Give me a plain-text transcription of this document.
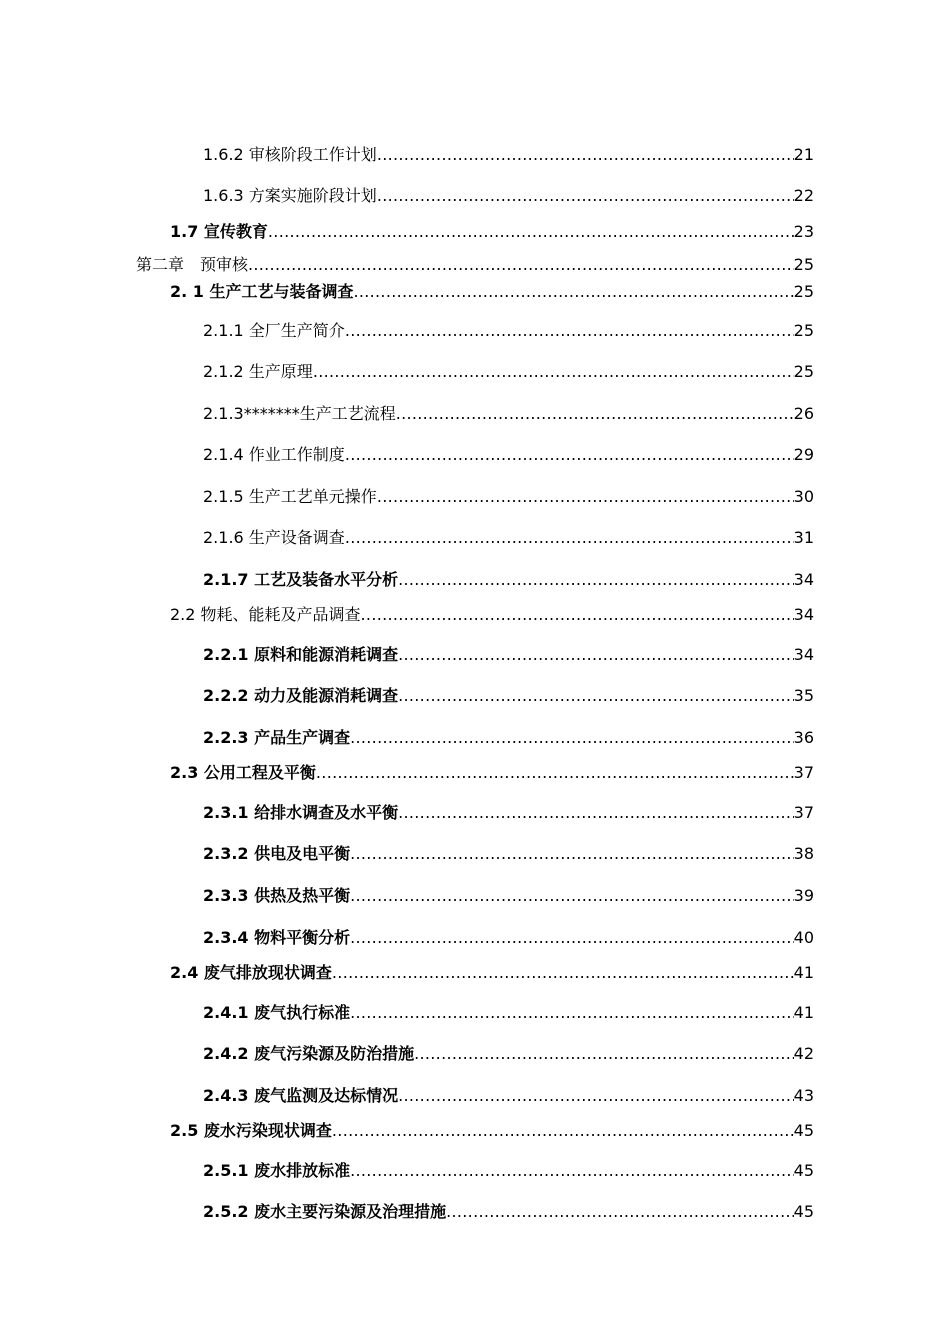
1.6.2 审核阶段工作计划 .....	21
1.6.3 方案实施阶段计划 .....	22
1.7 宣传教育 .....	23
第二章　预审核 .....	25
2. 1 生产工艺与装备调查 .....	25
2.1.1 全厂生产简介 .....	25
2.1.2 生产原理 .....	25
2.1.3*******生产工艺流程 .....	26
2.1.4 作业工作制度 .....	29
2.1.5 生产工艺单元操作 .....	30
2.1.6 生产设备调查 .....	31
2.1.7 工艺及装备水平分析 .....	34
2.2 物耗、能耗及产品调查 .....	34
2.2.1 原料和能源消耗调查 .....	34
2.2.2 动力及能源消耗调查 .....	35
2.2.3 产品生产调查 .....	36
2.3 公用工程及平衡 .....	37
2.3.1 给排水调查及水平衡 .....	37
2.3.2 供电及电平衡 .....	38
2.3.3 供热及热平衡 .....	39
2.3.4 物料平衡分析 .....	40
2.4 废气排放现状调查 .....	41
2.4.1 废气执行标准 .....	41
2.4.2 废气污染源及防治措施 .....	42
2.4.3 废气监测及达标情况 .....	43
2.5 废水污染现状调查 .....	45
2.5.1 废水排放标准 .....	45
2.5.2 废水主要污染源及治理措施 .....	45
